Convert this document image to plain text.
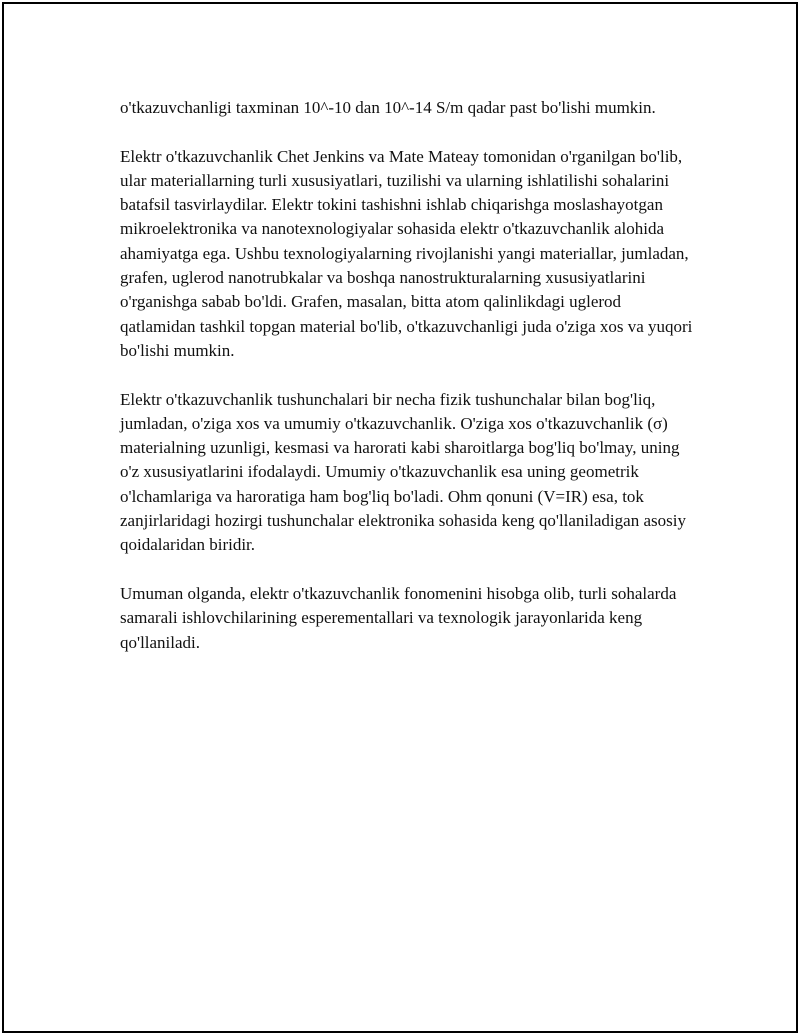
o'tkazuvchanligi taxminan 10^-10 dan 10^-14 S/m qadar past bo'lishi mumkin.

Elektr o'tkazuvchanlik Chet Jenkins va Mate Mateay tomonidan o'rganilgan bo'lib, ular materiallarning turli xususiyatlari, tuzilishi va ularning ishlatilishi sohalarini batafsil tasvirlaydilar. Elektr tokini tashishni ishlab chiqarishga moslashayotgan mikroelektronika va nanotexnologiyalar sohasida elektr o'tkazuvchanlik alohida ahamiyatga ega. Ushbu texnologiyalarning rivojlanishi yangi materiallar, jumladan, grafen, uglerod nanotrubkalar va boshqa nanostrukturalarning xususiyatlarini o'rganishga sabab bo'ldi. Grafen, masalan, bitta atom qalinlikdagi uglerod qatlamidan tashkil topgan material bo'lib, o'tkazuvchanligi juda o'ziga xos va yuqori bo'lishi mumkin.

Elektr o'tkazuvchanlik tushunchalari bir necha fizik tushunchalar bilan bog'liq, jumladan, o'ziga xos va umumiy o'tkazuvchanlik. O'ziga xos o'tkazuvchanlik (σ) materialning uzunligi, kesmasi va harorati kabi sharoitlarga bog'liq bo'lmay, uning o'z xususiyatlarini ifodalaydi. Umumiy o'tkazuvchanlik esa uning geometrik o'lchamlariga va haroratiga ham bog'liq bo'ladi. Ohm qonuni (V=IR) esa, tok zanjirlaridagi hozirgi tushunchalar elektronika sohasida keng qo'llaniladigan asosiy qoidalaridan biridir.

Umuman olganda, elektr o'tkazuvchanlik fonomenini hisobga olib, turli sohalarda samarali ishlovchilarining esperementallari va texnologik jarayonlarida keng qo'llaniladi.
